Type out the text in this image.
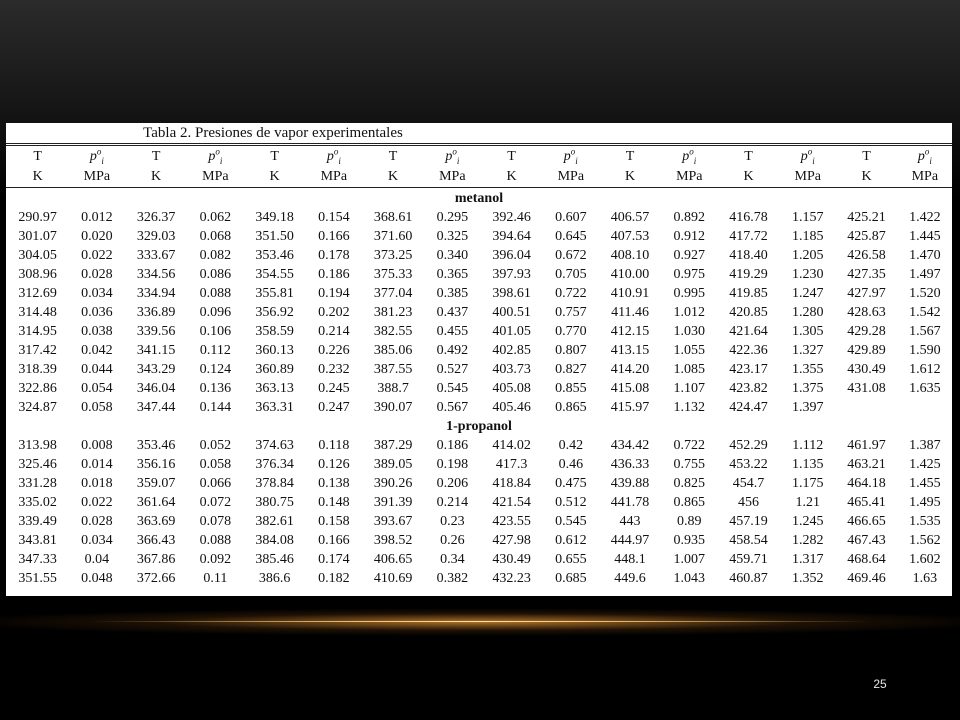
Tabla 2. Presiones de vapor experimentales
T	$p^o_i$	T	$p^o_i$	T	$p^o_i$	T	$p^o_i$	T	$p^o_i$	T	$p^o_i$	T	$p^o_i$	T	$p^o_i$
K	MPa	K	MPa	K	MPa	K	MPa	K	MPa	K	MPa	K	MPa	K	MPa

metanol															
290.97	0.012	326.37	0.062	349.18	0.154	368.61	0.295	392.46	0.607	406.57	0.892	416.78	1.157	425.21	1.422
301.07	0.020	329.03	0.068	351.50	0.166	371.60	0.325	394.64	0.645	407.53	0.912	417.72	1.185	425.87	1.445
304.05	0.022	333.67	0.082	353.46	0.178	373.25	0.340	396.04	0.672	408.10	0.927	418.40	1.205	426.58	1.470
308.96	0.028	334.56	0.086	354.55	0.186	375.33	0.365	397.93	0.705	410.00	0.975	419.29	1.230	427.35	1.497
312.69	0.034	334.94	0.088	355.81	0.194	377.04	0.385	398.61	0.722	410.91	0.995	419.85	1.247	427.97	1.520
314.48	0.036	336.89	0.096	356.92	0.202	381.23	0.437	400.51	0.757	411.46	1.012	420.85	1.280	428.63	1.542
314.95	0.038	339.56	0.106	358.59	0.214	382.55	0.455	401.05	0.770	412.15	1.030	421.64	1.305	429.28	1.567
317.42	0.042	341.15	0.112	360.13	0.226	385.06	0.492	402.85	0.807	413.15	1.055	422.36	1.327	429.89	1.590
318.39	0.044	343.29	0.124	360.89	0.232	387.55	0.527	403.73	0.827	414.20	1.085	423.17	1.355	430.49	1.612
322.86	0.054	346.04	0.136	363.13	0.245	388.7	0.545	405.08	0.855	415.08	1.107	423.82	1.375	431.08	1.635
324.87	0.058	347.44	0.144	363.31	0.247	390.07	0.567	405.46	0.865	415.97	1.132	424.47	1.397		
1-propanol															
313.98	0.008	353.46	0.052	374.63	0.118	387.29	0.186	414.02	0.42	434.42	0.722	452.29	1.112	461.97	1.387
325.46	0.014	356.16	0.058	376.34	0.126	389.05	0.198	417.3	0.46	436.33	0.755	453.22	1.135	463.21	1.425
331.28	0.018	359.07	0.066	378.84	0.138	390.26	0.206	418.84	0.475	439.88	0.825	454.7	1.175	464.18	1.455
335.02	0.022	361.64	0.072	380.75	0.148	391.39	0.214	421.54	0.512	441.78	0.865	456	1.21	465.41	1.495
339.49	0.028	363.69	0.078	382.61	0.158	393.67	0.23	423.55	0.545	443	0.89	457.19	1.245	466.65	1.535
343.81	0.034	366.43	0.088	384.08	0.166	398.52	0.26	427.98	0.612	444.97	0.935	458.54	1.282	467.43	1.562
347.33	0.04	367.86	0.092	385.46	0.174	406.65	0.34	430.49	0.655	448.1	1.007	459.71	1.317	468.64	1.602
351.55	0.048	372.66	0.11	386.6	0.182	410.69	0.382	432.23	0.685	449.6	1.043	460.87	1.352	469.46	1.63
25
